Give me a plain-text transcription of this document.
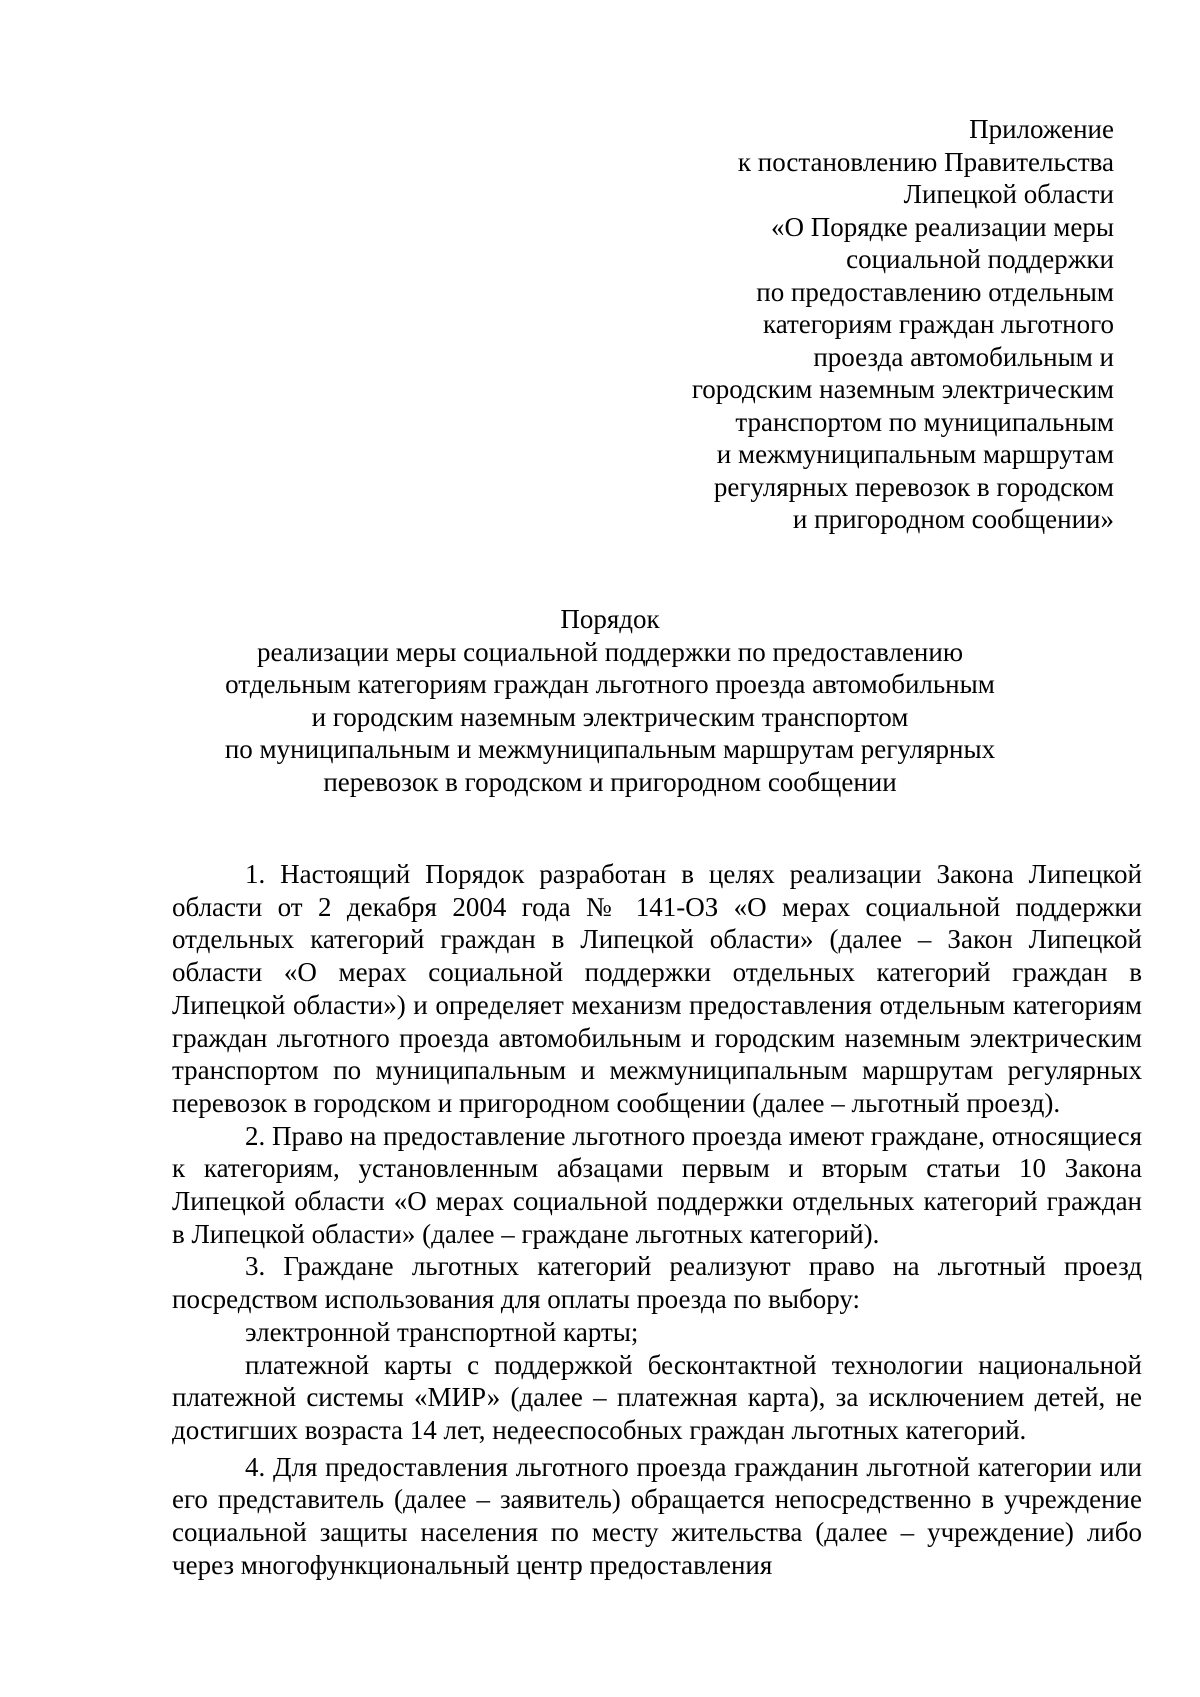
Приложение
к постановлению Правительства
Липецкой области
«О Порядке реализации меры
социальной поддержки
по предоставлению отдельным
категориям граждан льготного
проезда автомобильным и
городским наземным электрическим
транспортом по муниципальным
и межмуниципальным маршрутам
регулярных перевозок в городском
и пригородном сообщении»
Порядок
реализации меры социальной поддержки по предоставлению
отдельным категориям граждан льготного проезда автомобильным
и городским наземным электрическим транспортом
по муниципальным и межмуниципальным маршрутам регулярных
перевозок в городском и пригородном сообщении

1. Настоящий Порядок разработан в целях реализации Закона Липецкой области от 2 декабря 2004 года № 141-ОЗ «О мерах социальной поддержки отдельных категорий граждан в Липецкой области» (далее – Закон Липецкой области «О мерах социальной поддержки отдельных категорий граждан в Липецкой области») и определяет механизм предоставления отдельным категориям граждан льготного проезда автомобильным и городским наземным электрическим транспортом по муниципальным и межмуниципальным маршрутам регулярных перевозок в городском и пригородном сообщении (далее – льготный проезд).

2. Право на предоставление льготного проезда имеют граждане, относящиеся к категориям, установленным абзацами первым и вторым статьи 10 Закона Липецкой области «О мерах социальной поддержки отдельных категорий граждан в Липецкой области» (далее – граждане льготных категорий).

3. Граждане льготных категорий реализуют право на льготный проезд посредством использования для оплаты проезда по выбору:

электронной транспортной карты;

платежной карты с поддержкой бесконтактной технологии национальной платежной системы «МИР» (далее – платежная карта), за исключением детей, не достигших возраста 14 лет, недееспособных граждан льготных категорий.

4. Для предоставления льготного проезда гражданин льготной категории или его представитель (далее – заявитель) обращается непосредственно в учреждение социальной защиты населения по месту жительства (далее – учреждение) либо через многофункциональный центр предоставления
